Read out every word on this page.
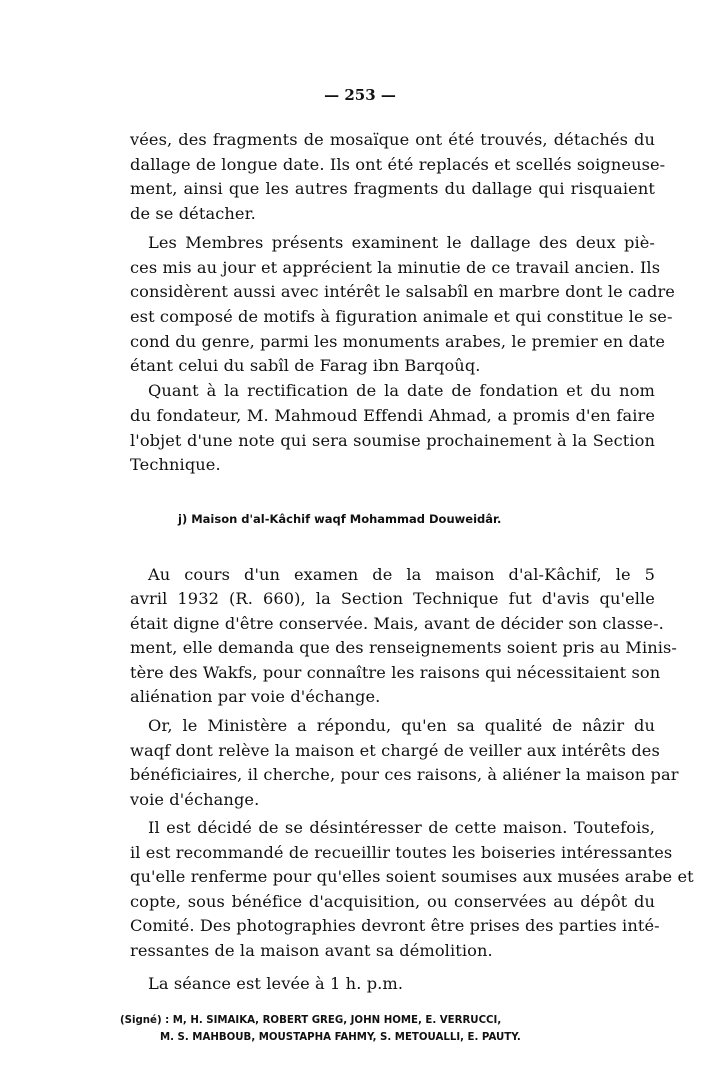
— 253 —
vées, des fragments de mosaïque ont été trouvés, détachés du
dallage de longue date. Ils ont été replacés et scellés soigneuse-
ment, ainsi que les autres fragments du dallage qui risquaient
de se détacher.
Les Membres présents examinent le dallage des deux piè-
ces mis au jour et apprécient la minutie de ce travail ancien. Ils
considèrent aussi avec intérêt le salsabîl en marbre dont le cadre
est composé de motifs à figuration animale et qui constitue le se-
cond du genre, parmi les monuments arabes, le premier en date
étant celui du sabîl de Farag ibn Barqoûq.
Quant à la rectification de la date de fondation et du nom
du fondateur, M. Mahmoud Effendi Ahmad, a promis d'en faire
l'objet d'une note qui sera soumise prochainement à la Section
Technique.
j) Maison d'al-Kâchif waqf Mohammad Douweidâr.
Au cours d'un examen de la maison d'al-Kâchif, le 5
avril 1932 (R. 660), la Section Technique fut d'avis qu'elle
était digne d'être conservée. Mais, avant de décider son classe-.
ment, elle demanda que des renseignements soient pris au Minis-
tère des Wakfs, pour connaître les raisons qui nécessitaient son
aliénation par voie d'échange.
Or, le Ministère a répondu, qu'en sa qualité de nâzir du
waqf dont relève la maison et chargé de veiller aux intérêts des
bénéficiaires, il cherche, pour ces raisons, à aliéner la maison par
voie d'échange.
Il est décidé de se désintéresser de cette maison. Toutefois,
il est recommandé de recueillir toutes les boiseries intéressantes
qu'elle renferme pour qu'elles soient soumises aux musées arabe et
copte, sous bénéfice d'acquisition, ou conservées au dépôt du
Comité. Des photographies devront être prises des parties inté-
ressantes de la maison avant sa démolition.
La séance est levée à 1 h. p.m.
(Signé) : M, H. SIMAIKA, ROBERT GREG, JOHN HOME, E. VERRUCCI,
M. S. MAHBOUB, MOUSTAPHA FAHMY, S. METOUALLI, E. PAUTY.
